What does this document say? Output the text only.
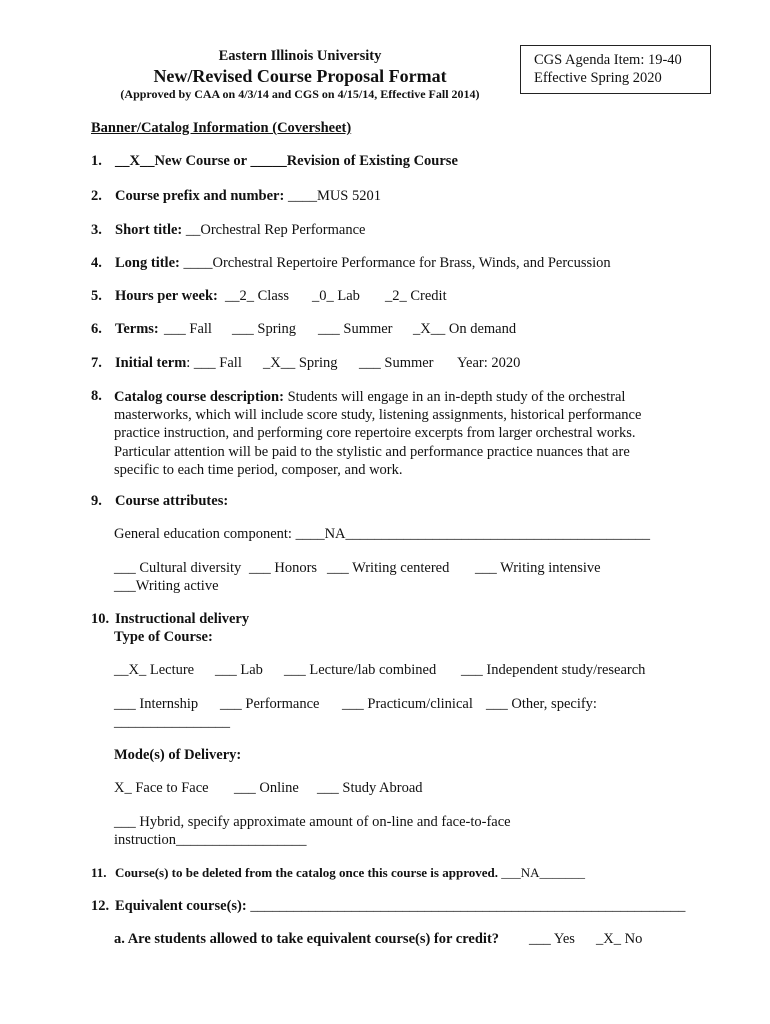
Eastern Illinois University
New/Revised Course Proposal Format
(Approved by CAA on 4/3/14 and CGS on 4/15/14, Effective Fall 2014)
CGS Agenda Item: 19-40
Effective Spring 2020
Banner/Catalog Information (Coversheet)
1. __X__New Course or _____Revision of Existing Course
2. Course prefix and number: ____MUS 5201
3. Short title: __Orchestral Rep Performance
4. Long title: ____Orchestral Repertoire Performance for Brass, Winds, and Percussion
5. Hours per week: __2_ Class _0_ Lab _2_ Credit
6. Terms: ___ Fall ___ Spring ___ Summer _X__ On demand
7. Initial term: ___ Fall _X__ Spring ___ Summer Year: 2020
8. Catalog course description: Students will engage in an in-depth study of the orchestral masterworks, which will include score study, listening assignments, historical performance practice instruction, and performing core repertoire excerpts from larger orchestral works. Particular attention will be paid to the stylistic and performance practice nuances that are specific to each time period, composer, and work.
9. Course attributes:
General education component: ____NA__________________________________________
___ Cultural diversity ___ Honors ___ Writing centered ___ Writing intensive
___Writing active
10. Instructional delivery
Type of Course:
__X_ Lecture ___ Lab ___ Lecture/lab combined ___ Independent study/research
___ Internship ___ Performance ___ Practicum/clinical ___ Other, specify:
________________
Mode(s) of Delivery:
X_ Face to Face ___ Online ___ Study Abroad
___ Hybrid, specify approximate amount of on-line and face-to-face
instruction__________________
11. Course(s) to be deleted from the catalog once this course is approved. ___NA_______
12. Equivalent course(s): ____________________________________________________________
a. Are students allowed to take equivalent course(s) for credit? ___ Yes _X_ No
